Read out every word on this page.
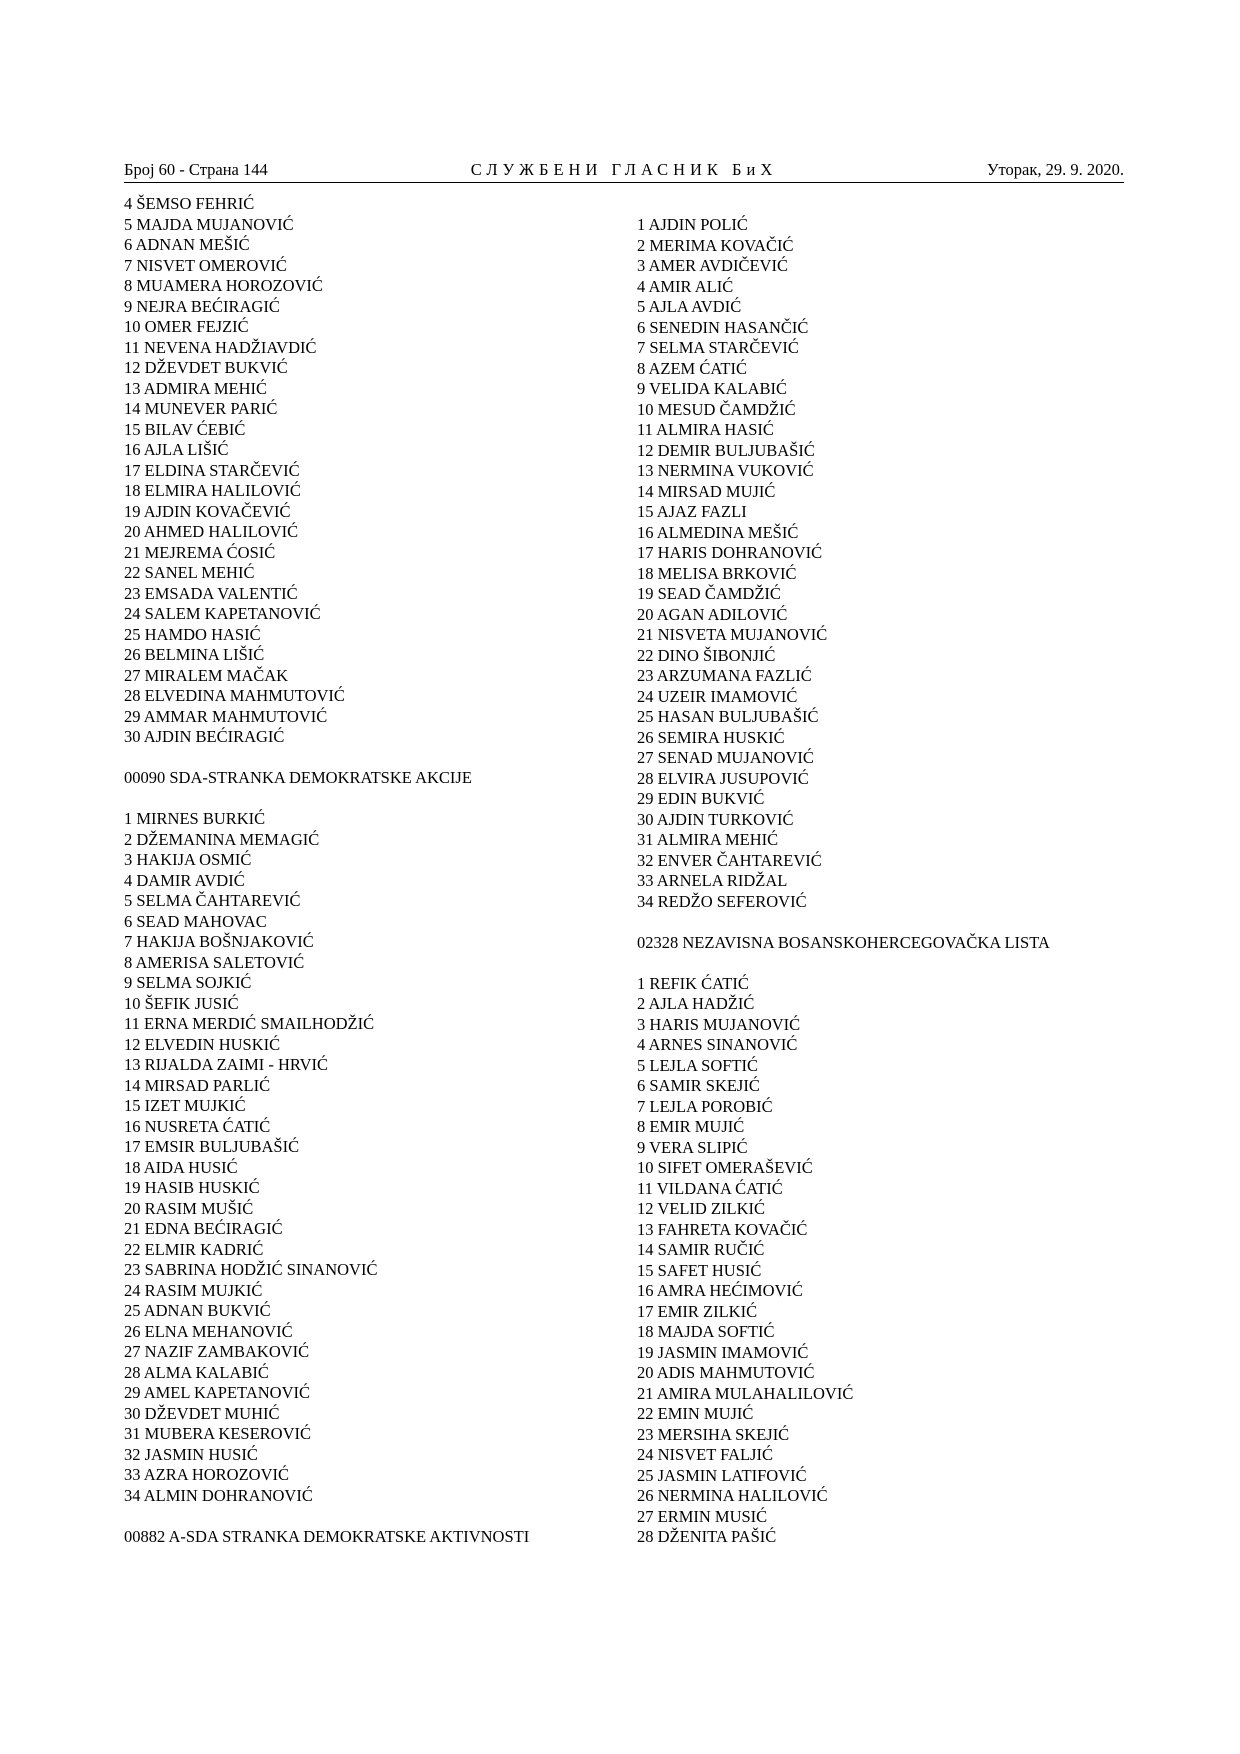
Број 60 - Страна 144	СЛУЖБЕНИ ГЛАСНИК БиХ	Уторак, 29. 9. 2020.
4 ŠEMSO FEHRIĆ
5 MAJDA MUJANOVIĆ
6 ADNAN MEŠIĆ
7 NISVET OMEROVIĆ
8 MUAMERA HOROZOVIĆ
9 NEJRA BEĆIRAGIĆ
10 OMER FEJZIĆ
11 NEVENA HADŽIAVDIĆ
12 DŽEVDET BUKVIĆ
13 ADMIRA MEHIĆ
14 MUNEVER PARIĆ
15 BILAV ĆEBIĆ
16 AJLA LIŠIĆ
17 ELDINA STARČEVIĆ
18 ELMIRA HALILOVIĆ
19 AJDIN KOVAČEVIĆ
20 AHMED HALILOVIĆ
21 MEJREMA ĆOSIĆ
22 SANEL MEHIĆ
23 EMSADA VALENTIĆ
24 SALEM KAPETANOVIĆ
25 HAMDO HASIĆ
26 BELMINA LIŠIĆ
27 MIRALEM MAČAK
28 ELVEDINA MAHMUTOVIĆ
29 AMMAR MAHMUTOVIĆ
30 AJDIN BEĆIRAGIĆ
00090 SDA-STRANKA DEMOKRATSKE AKCIJE
1 MIRNES BURKIĆ
2 DŽEMANINA MEMAGIĆ
3 HAKIJA OSMIĆ
4 DAMIR AVDIĆ
5 SELMA ČAHTAREVIĆ
6 SEAD MAHOVAC
7 HAKIJA BOŠNJAKOVIĆ
8 AMERISA SALETOVIĆ
9 SELMA SOJKIĆ
10 ŠEFIK JUSIĆ
11 ERNA MERDIĆ SMAILHODŽIĆ
12 ELVEDIN HUSKIĆ
13 RIJALDA ZAIMI - HRVIĆ
14 MIRSAD PARLIĆ
15 IZET MUJKIĆ
16 NUSRETA ĆATIĆ
17 EMSIR BULJUBAŠIĆ
18 AIDA HUSIĆ
19 HASIB HUSKIĆ
20 RASIM MUŠIĆ
21 EDNA BEĆIRAGIĆ
22 ELMIR KADRIĆ
23 SABRINA HODŽIĆ SINANOVIĆ
24 RASIM MUJKIĆ
25 ADNAN BUKVIĆ
26 ELNA MEHANOVIĆ
27 NAZIF ZAMBAKOVIĆ
28 ALMA KALABIĆ
29 AMEL KAPETANOVIĆ
30 DŽEVDET MUHIĆ
31 MUBERA KESEROVIĆ
32 JASMIN HUSIĆ
33 AZRA HOROZOVIĆ
34 ALMIN DOHRANOVIĆ
00882 A-SDA STRANKA DEMOKRATSKE AKTIVNOSTI
1 AJDIN POLIĆ
2 MERIMA KOVAČIĆ
3 AMER AVDIČEVIĆ
4 AMIR ALIĆ
5 AJLA AVDIĆ
6 SENEDIN HASANČIĆ
7 SELMA STARČEVIĆ
8 AZEM ĆATIĆ
9 VELIDA KALABIĆ
10 MESUD ČAMDŽIĆ
11 ALMIRA HASIĆ
12 DEMIR BULJUBAŠIĆ
13 NERMINA VUKOVIĆ
14 MIRSAD MUJIĆ
15 AJAZ FAZLI
16 ALMEDINA MEŠIĆ
17 HARIS DOHRANOVIĆ
18 MELISA BRKOVIĆ
19 SEAD ČAMDŽIĆ
20 AGAN ADILOVIĆ
21 NISVETA MUJANOVIĆ
22 DINO ŠIBONJIĆ
23 ARZUMANA FAZLIĆ
24 UZEIR IMAMOVIĆ
25 HASAN BULJUBAŠIĆ
26 SEMIRA HUSKIĆ
27 SENAD MUJANOVIĆ
28 ELVIRA JUSUPOVIĆ
29 EDIN BUKVIĆ
30 AJDIN TURKOVIĆ
31 ALMIRA MEHIĆ
32 ENVER ČAHTAREVIĆ
33 ARNELA RIDŽAL
34 REDŽO SEFEROVIĆ
02328 NEZAVISNA BOSANSKOHERCEGOVAČKA LISTA
1 REFIK ĆATIĆ
2 AJLA HADŽIĆ
3 HARIS MUJANOVIĆ
4 ARNES SINANOVIĆ
5 LEJLA SOFTIĆ
6 SAMIR SKEJIĆ
7 LEJLA POROBIĆ
8 EMIR MUJIĆ
9 VERA SLIPIĆ
10 SIFET OMERAŠEVIĆ
11 VILDANA ĆATIĆ
12 VELID ZILKIĆ
13 FAHRETA KOVAČIĆ
14 SAMIR RUČIĆ
15 SAFET HUSIĆ
16 AMRA HEĆIMOVIĆ
17 EMIR ZILKIĆ
18 MAJDA SOFTIĆ
19 JASMIN IMAMOVIĆ
20 ADIS MAHMUTOVIĆ
21 AMIRA MULAHALILOVIĆ
22 EMIN MUJIĆ
23 MERSIHA SKEJIĆ
24 NISVET FALJIĆ
25 JASMIN LATIFOVIĆ
26 NERMINA HALILOVIĆ
27 ERMIN MUSIĆ
28 DŽENITA PAŠIĆ
